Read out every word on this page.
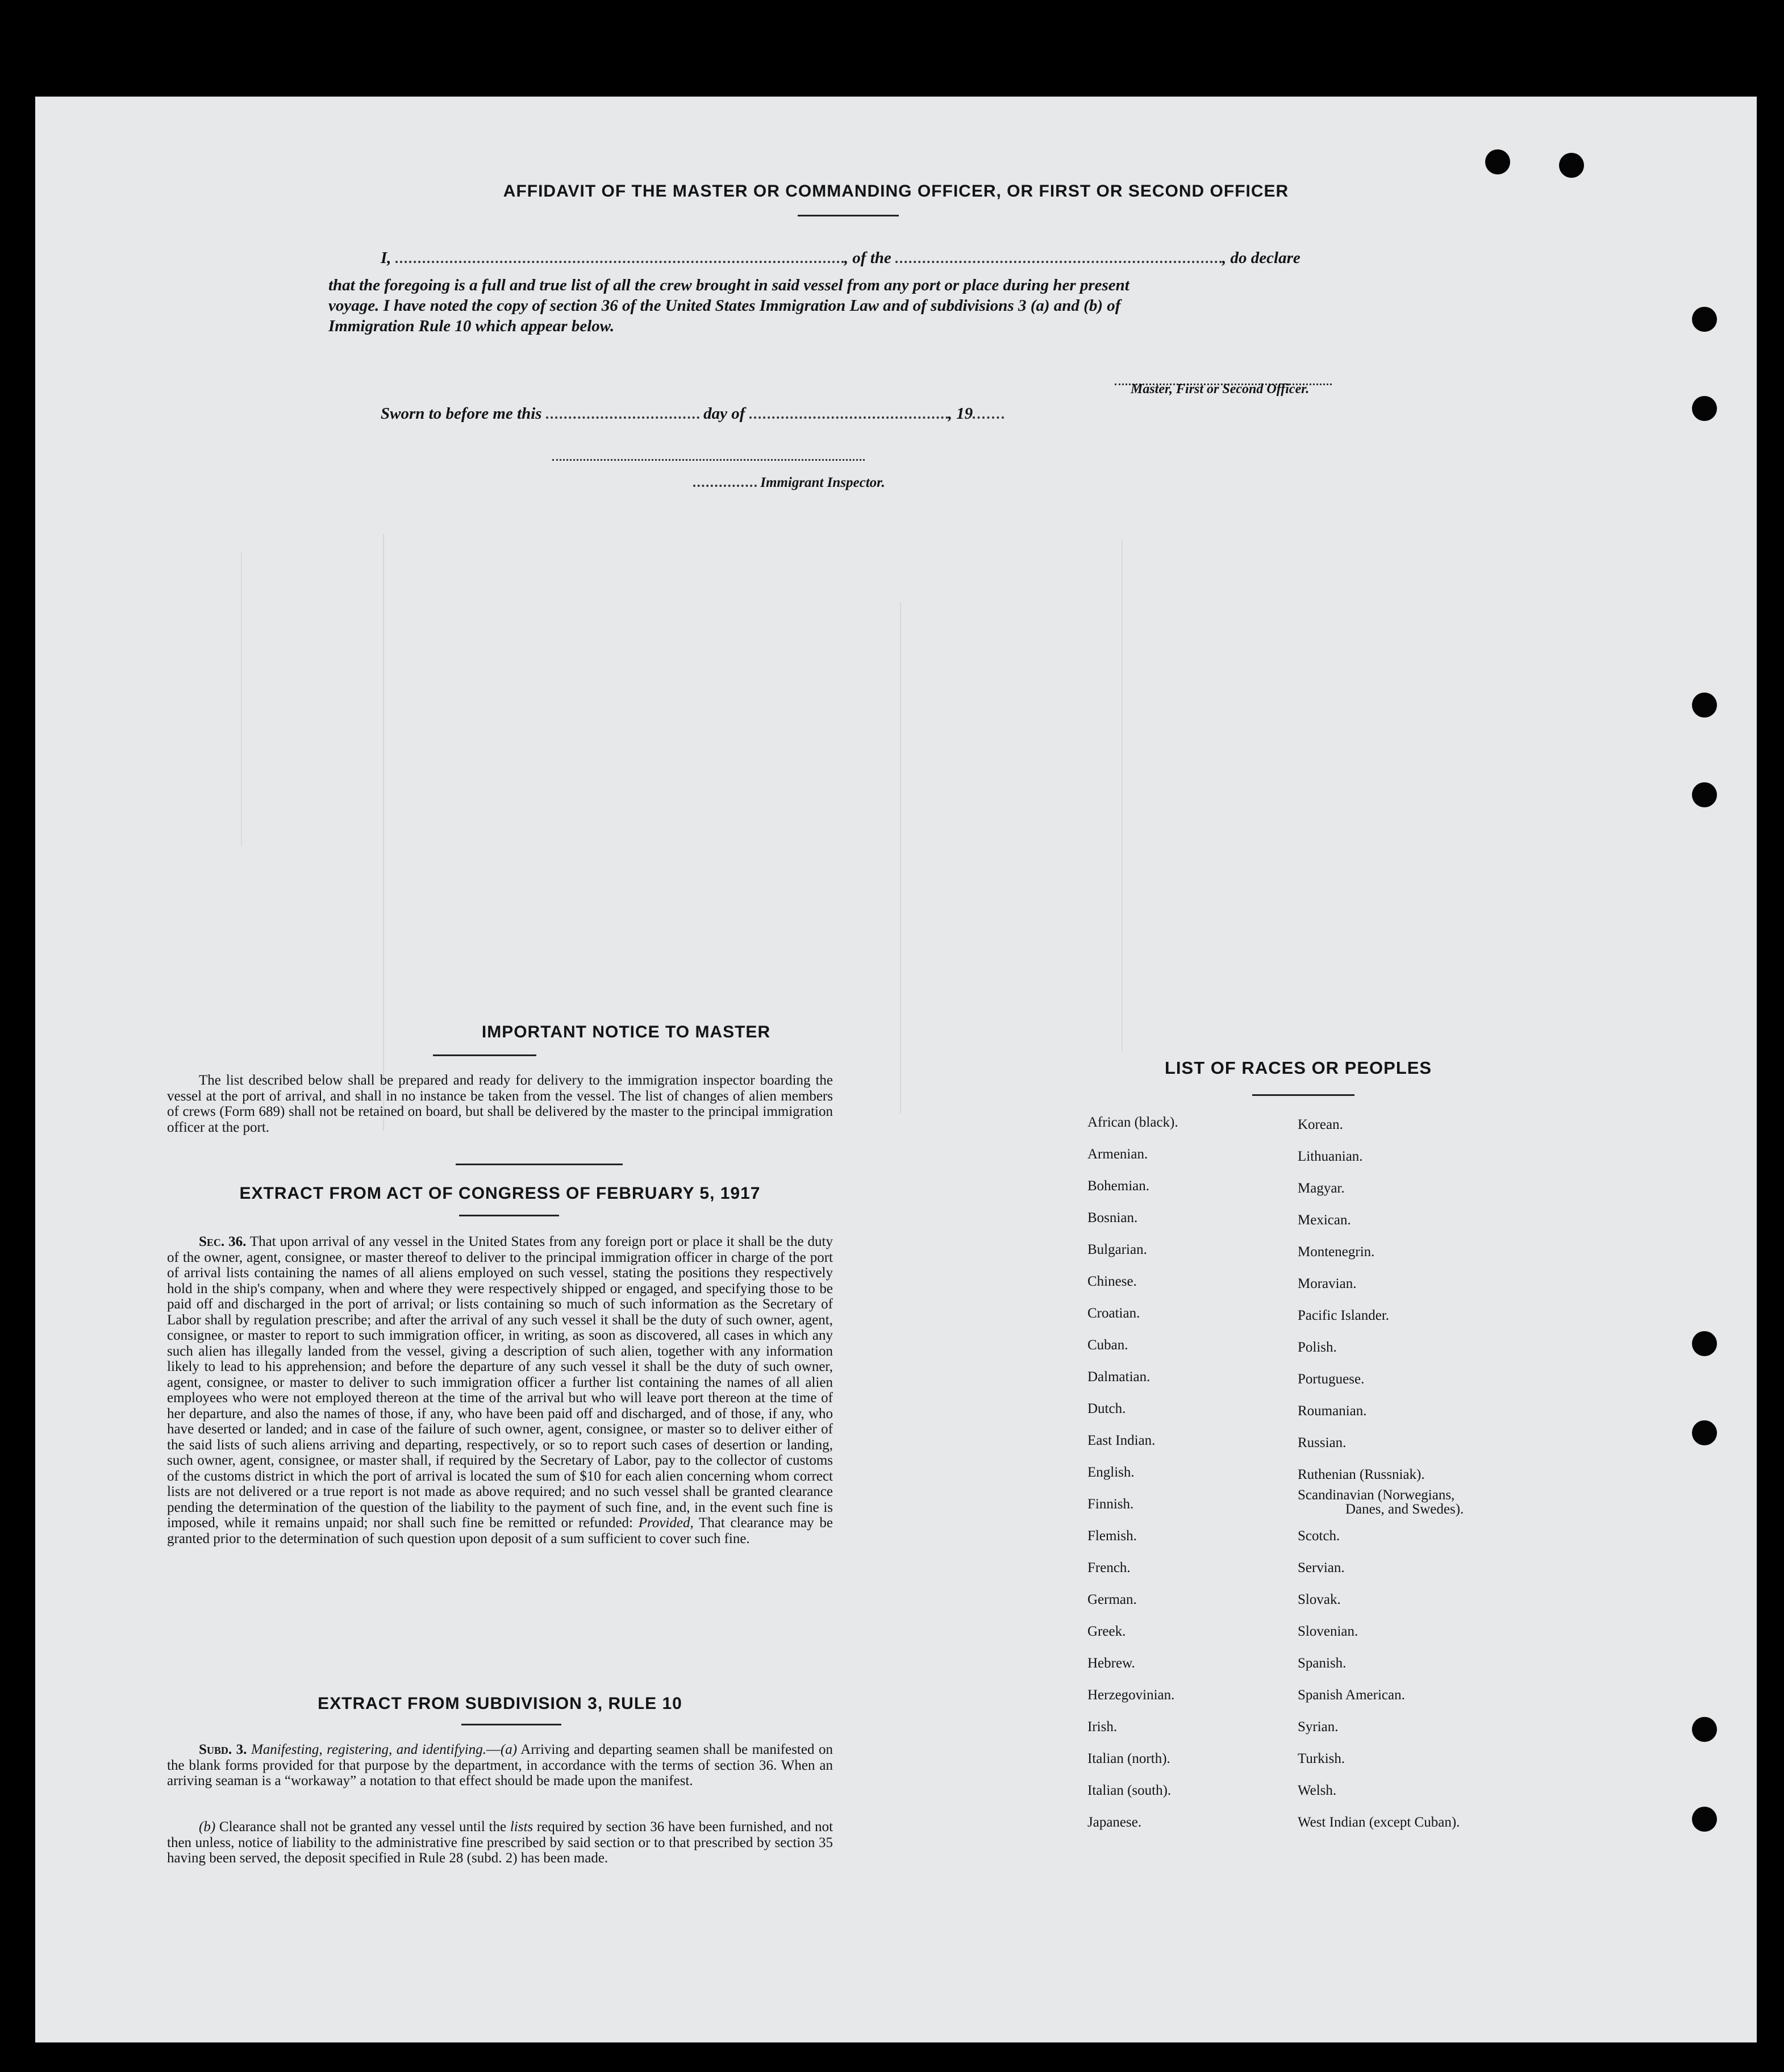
AFFIDAVIT OF THE MASTER OR COMMANDING OFFICER, OR FIRST OR SECOND OFFICER
I,	, of the	, do declare
that the foregoing is a full and true list of all the crew brought in said vessel from any port or place during her present
voyage. I have noted the copy of section 36 of the United States Immigration Law and of subdivisions 3 (a) and (b) of
Immigration Rule 10 which appear below.
Master, First or Second Officer.
Sworn to before me this	day of	, 19
Immigrant Inspector.
IMPORTANT NOTICE TO MASTER
The list described below shall be prepared and ready for delivery to the immigration inspector boarding the vessel at the port of arrival, and shall in no instance be taken from the vessel. The list of changes of alien members of crews (Form 689) shall not be retained on board, but shall be delivered by the master to the principal immigration officer at the port.
EXTRACT FROM ACT OF CONGRESS OF FEBRUARY 5, 1917
Sec. 36. That upon arrival of any vessel in the United States from any foreign port or place it shall be the duty of the owner, agent, consignee, or master thereof to deliver to the principal immigration officer in charge of the port of arrival lists containing the names of all aliens employed on such vessel, stating the positions they respectively hold in the ship's company, when and where they were respectively shipped or engaged, and specifying those to be paid off and discharged in the port of arrival; or lists containing so much of such information as the Secretary of Labor shall by regulation prescribe; and after the arrival of any such vessel it shall be the duty of such owner, agent, consignee, or master to report to such immigration officer, in writing, as soon as discovered, all cases in which any such alien has illegally landed from the vessel, giving a description of such alien, together with any information likely to lead to his apprehension; and before the departure of any such vessel it shall be the duty of such owner, agent, consignee, or master to deliver to such immigration officer a further list containing the names of all alien employees who were not employed thereon at the time of the arrival but who will leave port thereon at the time of her departure, and also the names of those, if any, who have been paid off and discharged, and of those, if any, who have deserted or landed; and in case of the failure of such owner, agent, consignee, or master so to deliver either of the said lists of such aliens arriving and departing, respectively, or so to report such cases of desertion or landing, such owner, agent, consignee, or master shall, if required by the Secretary of Labor, pay to the collector of customs of the customs district in which the port of arrival is located the sum of $10 for each alien concerning whom correct lists are not delivered or a true report is not made as above required; and no such vessel shall be granted clearance pending the determination of the question of the liability to the payment of such fine, and, in the event such fine is imposed, while it remains unpaid; nor shall such fine be remitted or refunded: Provided, That clearance may be granted prior to the determination of such question upon deposit of a sum sufficient to cover such fine.
EXTRACT FROM SUBDIVISION 3, RULE 10
Subd. 3. Manifesting, registering, and identifying.—(a) Arriving and departing seamen shall be manifested on the blank forms provided for that purpose by the department, in accordance with the terms of section 36. When an arriving seaman is a “workaway” a notation to that effect should be made upon the manifest.
(b) Clearance shall not be granted any vessel until the lists required by section 36 have been furnished, and not then unless, notice of liability to the administrative fine prescribed by said section or to that prescribed by section 35 having been served, the deposit specified in Rule 28 (subd. 2) has been made.
LIST OF RACES OR PEOPLES
African (black).
Armenian.
Bohemian.
Bosnian.
Bulgarian.
Chinese.
Croatian.
Cuban.
Dalmatian.
Dutch.
East Indian.
English.
Finnish.
Flemish.
French.
German.
Greek.
Hebrew.
Herzegovinian.
Irish.
Italian (north).
Italian (south).
Japanese.
Korean.
Lithuanian.
Magyar.
Mexican.
Montenegrin.
Moravian.
Pacific Islander.
Polish.
Portuguese.
Roumanian.
Russian.
Ruthenian (Russniak).
Scandinavian (Norwegians,
Danes, and Swedes).
Scotch.
Servian.
Slovak.
Slovenian.
Spanish.
Spanish American.
Syrian.
Turkish.
Welsh.
West Indian (except Cuban).
